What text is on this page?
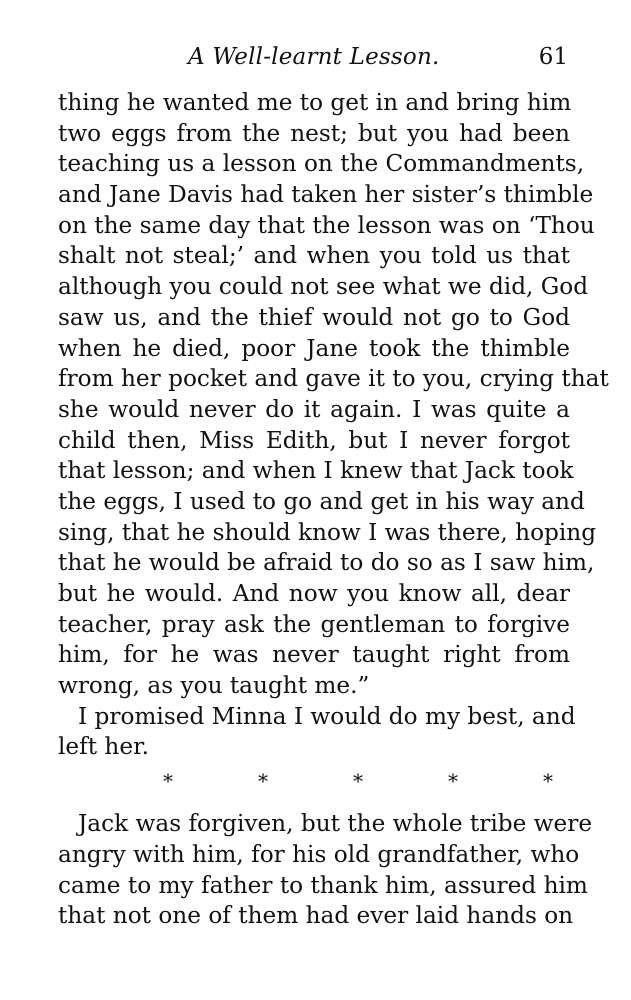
A Well-learnt Lesson.	61
thing he wanted me to get in and bring him
two eggs from the nest; but you had been
teaching us a lesson on the Commandments,
and Jane Davis had taken her sister’s thimble
on the same day that the lesson was on ‘Thou
shalt not steal;’ and when you told us that
although you could not see what we did, God
saw us, and the thief would not go to God
when he died, poor Jane took the thimble
from her pocket and gave it to you, crying that
she would never do it again. I was quite a
child then, Miss Edith, but I never forgot
that lesson; and when I knew that Jack took
the eggs, I used to go and get in his way and
sing, that he should know I was there, hoping
that he would be afraid to do so as I saw him,
but he would. And now you know all, dear
teacher, pray ask the gentleman to forgive
him, for he was never taught right from
wrong, as you taught me.”
I promised Minna I would do my best, and
left her.
*	*	*	*	*
Jack was forgiven, but the whole tribe were
angry with him, for his old grandfather, who
came to my father to thank him, assured him
that not one of them had ever laid hands on
